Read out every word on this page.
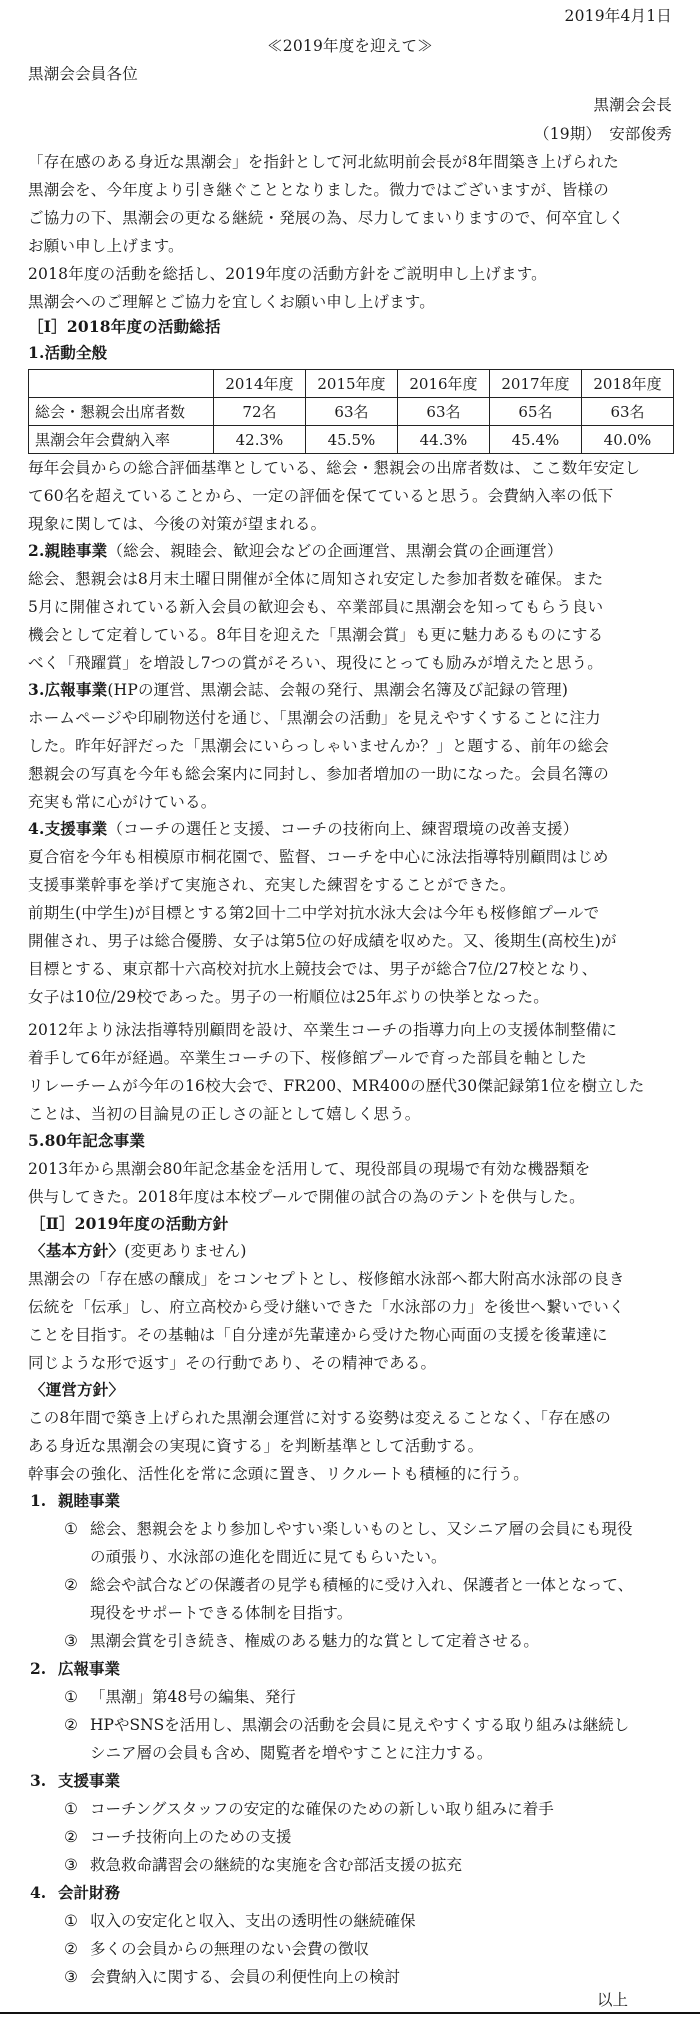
2019年4月1日
≪2019年度を迎えて≫
黒潮会会員各位
黒潮会会長
（19期）　安部俊秀
「存在感のある身近な黒潮会」を指針として河北紘明前会長が8年間築き上げられた
黒潮会を、今年度より引き継ぐこととなりました。微力ではございますが、皆様の
ご協力の下、黒潮会の更なる継続・発展の為、尽力してまいりますので、何卒宜しく
お願い申し上げます。
2018年度の活動を総括し、2019年度の活動方針をご説明申し上げます。
黒潮会へのご理解とご協力を宜しくお願い申し上げます。
［Ⅰ］2018年度の活動総括
1.活動全般
	2014年度	2015年度	2016年度	2017年度	2018年度
総会・懇親会出席者数	72名	63名	63名	65名	63名
黒潮会年会費納入率	42.3%	45.5%	44.3%	45.4%	40.0%
毎年会員からの総合評価基準としている、総会・懇親会の出席者数は、ここ数年安定し
て60名を超えていることから、一定の評価を保てていると思う。会費納入率の低下
現象に関しては、今後の対策が望まれる。
2.親睦事業（総会、親睦会、歓迎会などの企画運営、黒潮会賞の企画運営）
総会、懇親会は8月末土曜日開催が全体に周知され安定した参加者数を確保。また
5月に開催されている新入会員の歓迎会も、卒業部員に黒潮会を知ってもらう良い
機会として定着している。8年目を迎えた「黒潮会賞」も更に魅力あるものにする
べく「飛躍賞」を増設し7つの賞がそろい、現役にとっても励みが増えたと思う。
3.広報事業(HPの運営、黒潮会誌、会報の発行、黒潮会名簿及び記録の管理)
ホームページや印刷物送付を通じ、「黒潮会の活動」を見えやすくすることに注力
した。昨年好評だった「黒潮会にいらっしゃいませんか？」と題する、前年の総会
懇親会の写真を今年も総会案内に同封し、参加者増加の一助になった。会員名簿の
充実も常に心がけている。
4.支援事業（コーチの選任と支援、コーチの技術向上、練習環境の改善支援）
夏合宿を今年も相模原市桐花園で、監督、コーチを中心に泳法指導特別顧問はじめ
支援事業幹事を挙げて実施され、充実した練習をすることができた。
前期生(中学生)が目標とする第2回十二中学対抗水泳大会は今年も桜修館プールで
開催され、男子は総合優勝、女子は第5位の好成績を収めた。又、後期生(高校生)が
目標とする、東京都十六高校対抗水上競技会では、男子が総合7位/27校となり、
女子は10位/29校であった。男子の一桁順位は25年ぶりの快挙となった。
2012年より泳法指導特別顧問を設け、卒業生コーチの指導力向上の支援体制整備に
着手して6年が経過。卒業生コーチの下、桜修館プールで育った部員を軸とした
リレーチームが今年の16校大会で、FR200、MR400の歴代30傑記録第1位を樹立した
ことは、当初の目論見の正しさの証として嬉しく思う。
5.80年記念事業
2013年から黒潮会80年記念基金を活用して、現役部員の現場で有効な機器類を
供与してきた。2018年度は本校プールで開催の試合の為のテントを供与した。
［Ⅱ］2019年度の活動方針
〈基本方針〉(変更ありません)
黒潮会の「存在感の醸成」をコンセプトとし、桜修館水泳部へ都大附高水泳部の良き
伝統を「伝承」し、府立高校から受け継いできた「水泳部の力」を後世へ繋いでいく
ことを目指す。その基軸は「自分達が先輩達から受けた物心両面の支援を後輩達に
同じような形で返す」その行動であり、その精神である。
〈運営方針〉
この8年間で築き上げられた黒潮会運営に対する姿勢は変えることなく、「存在感の
ある身近な黒潮会の実現に資する」を判断基準として活動する。
幹事会の強化、活性化を常に念頭に置き、リクルートも積極的に行う。
1. 親睦事業
① 総会、懇親会をより参加しやすい楽しいものとし、又シニア層の会員にも現役
の頑張り、水泳部の進化を間近に見てもらいたい。
② 総会や試合などの保護者の見学も積極的に受け入れ、保護者と一体となって、
現役をサポートできる体制を目指す。
③ 黒潮会賞を引き続き、権威のある魅力的な賞として定着させる。
2. 広報事業
① 「黒潮」第48号の編集、発行
② HPやSNSを活用し、黒潮会の活動を会員に見えやすくする取り組みは継続し
シニア層の会員も含め、閲覧者を増やすことに注力する。
3. 支援事業
① コーチングスタッフの安定的な確保のための新しい取り組みに着手
② コーチ技術向上のための支援
③ 救急救命講習会の継続的な実施を含む部活支援の拡充
4. 会計財務
① 収入の安定化と収入、支出の透明性の継続確保
② 多くの会員からの無理のない会費の徴収
③ 会費納入に関する、会員の利便性向上の検討
以上
